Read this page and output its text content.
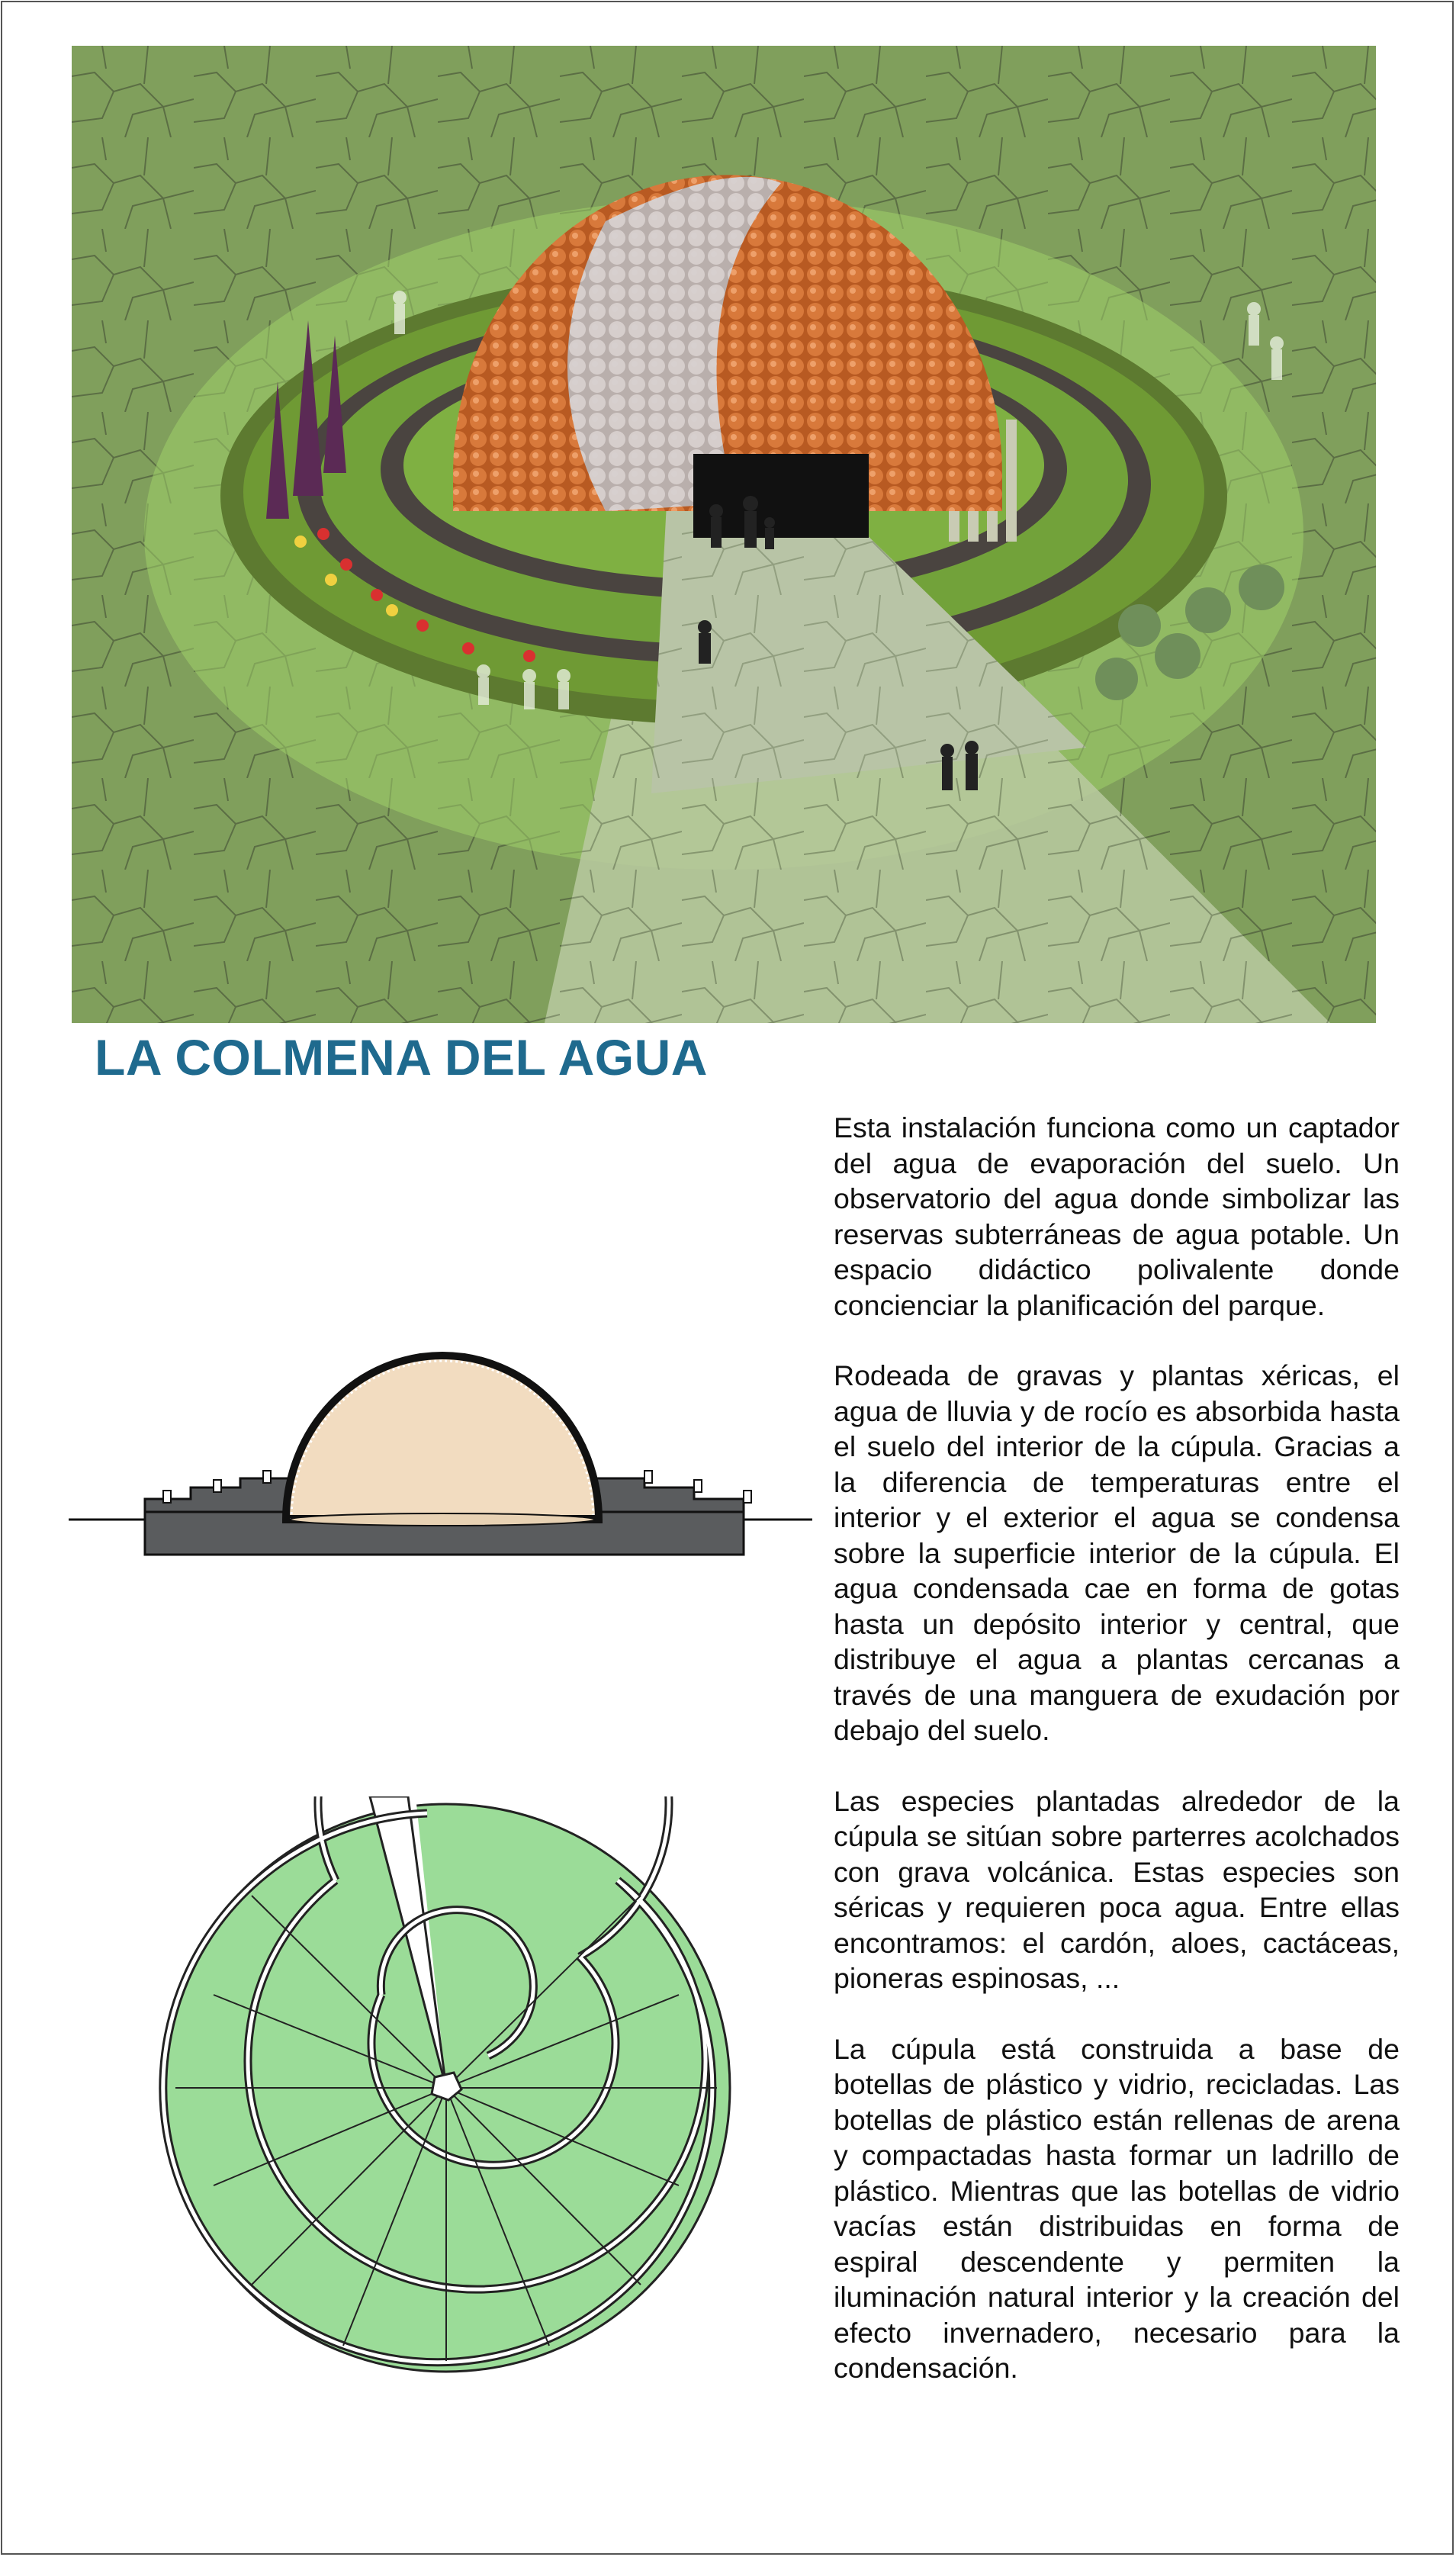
LA COLMENA DEL AGUA

Esta instalación funciona como un captador del agua de evaporación del suelo. Un observatorio del agua donde simbolizar las reservas subterráneas de agua potable. Un espacio didáctico polivalente donde concienciar la planificación del parque.

Rodeada de gravas y plantas xéricas, el agua de lluvia y de rocío es absorbida hasta el suelo del interior de la cúpula. Gracias a la diferencia de temperaturas entre el interior y el exterior el agua se condensa sobre la superficie interior de la cúpula. El agua condensada cae en forma de gotas hasta un depósito interior y central, que distribuye el agua a plantas cercanas a través de una manguera de exudación por debajo del suelo.

Las especies plantadas alrededor de la cúpula se sitúan sobre parterres acolchados con grava volcánica. Estas especies son séricas y requieren poca agua. Entre ellas encontramos: el cardón, aloes, cactáceas, pioneras espinosas, ...

La cúpula está construida a base de botellas de plástico y vidrio, recicladas. Las botellas de plástico están rellenas de arena y compactadas hasta formar un ladrillo de plástico. Mientras que las botellas de vidrio vacías están distribuidas en forma de espiral descendente y permiten la iluminación natural interior y la creación del efecto invernadero, necesario para la condensación.
